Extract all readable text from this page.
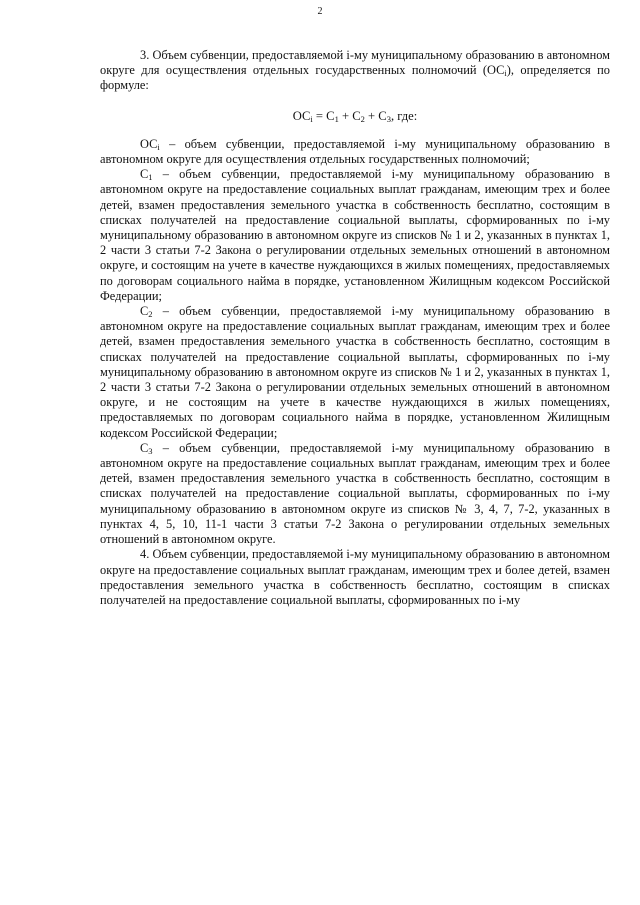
2

3. Объем субвенции, предоставляемой i-му муниципальному образованию в автономном округе для осуществления отдельных государственных полномочий $(ОС_i)$, определяется по формуле:

$ОС_i = С_1 + С_2 + С_3$, где:

$ОС_i$ – объем субвенции, предоставляемой i-му муниципальному образованию в автономном округе для осуществления отдельных государственных полномочий;

$С_1$ – объем субвенции, предоставляемой i-му муниципальному образованию в автономном округе на предоставление социальных выплат гражданам, имеющим трех и более детей, взамен предоставления земельного участка в собственность бесплатно, состоящим в списках получателей на предоставление социальной выплаты, сформированных по i-му муниципальному образованию в автономном округе из списков № 1 и 2, указанных в пунктах 1, 2 части 3 статьи 7-2 Закона о регулировании отдельных земельных отношений в автономном округе, и состоящим на учете в качестве нуждающихся в жилых помещениях, предоставляемых по договорам социального найма в порядке, установленном Жилищным кодексом Российской Федерации;

$С_2$ – объем субвенции, предоставляемой i-му муниципальному образованию в автономном округе на предоставление социальных выплат гражданам, имеющим трех и более детей, взамен предоставления земельного участка в собственность бесплатно, состоящим в списках получателей на предоставление социальной выплаты, сформированных по i-му муниципальному образованию в автономном округе из списков № 1 и 2, указанных в пунктах 1, 2 части 3 статьи 7-2 Закона о регулировании отдельных земельных отношений в автономном округе, и не состоящим на учете в качестве нуждающихся в жилых помещениях, предоставляемых по договорам социального найма в порядке, установленном Жилищным кодексом Российской Федерации;

$С_3$ – объем субвенции, предоставляемой i-му муниципальному образованию в автономном округе на предоставление социальных выплат гражданам, имеющим трех и более детей, взамен предоставления земельного участка в собственность бесплатно, состоящим в списках получателей на предоставление социальной выплаты, сформированных по i-му муниципальному образованию в автономном округе из списков № 3, 4, 7, 7-2, указанных в пунктах 4, 5, 10, 11-1 части 3 статьи 7-2 Закона о регулировании отдельных земельных отношений в автономном округе.

4. Объем субвенции, предоставляемой i-му муниципальному образованию в автономном округе на предоставление социальных выплат гражданам, имеющим трех и более детей, взамен предоставления земельного участка в собственность бесплатно, состоящим в списках получателей на предоставление социальной выплаты, сформированных по i-му
